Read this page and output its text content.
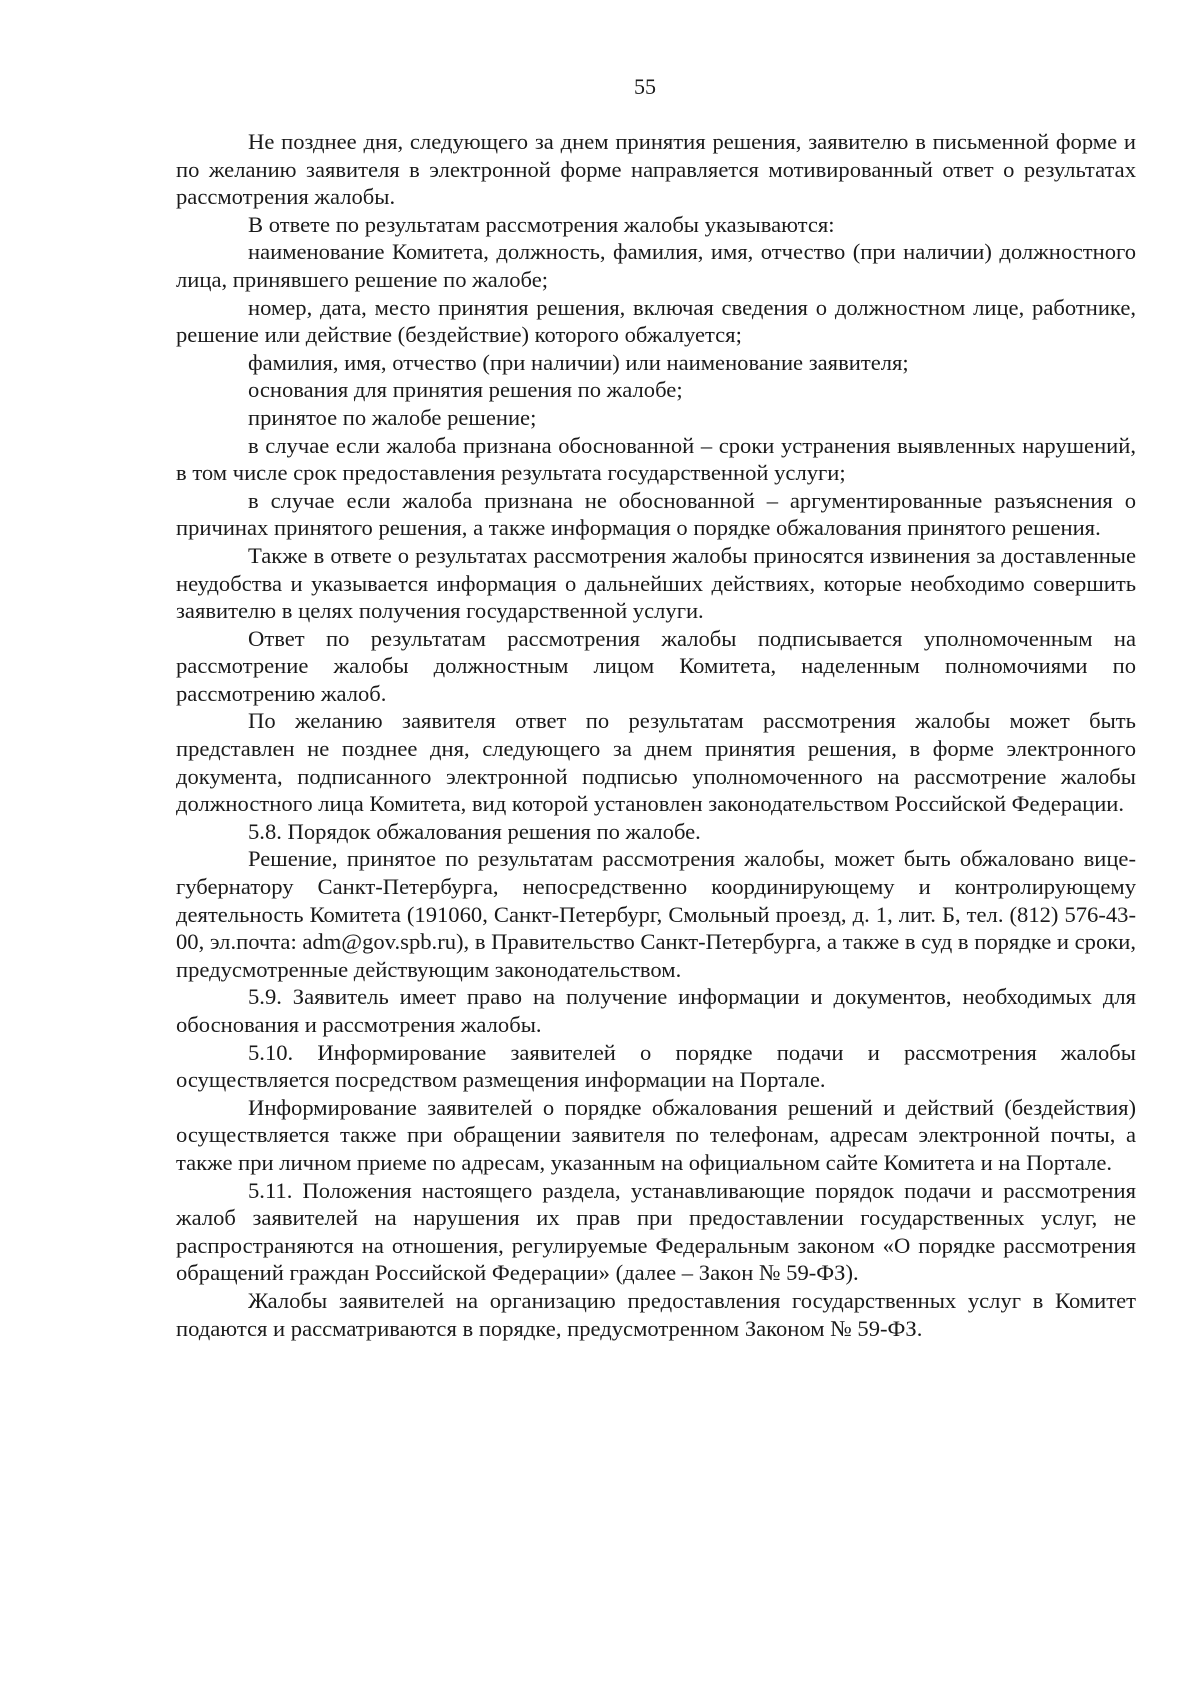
55

Не позднее дня, следующего за днем принятия решения, заявителю в письменной форме и по желанию заявителя в электронной форме направляется мотивированный ответ о результатах рассмотрения жалобы.

В ответе по результатам рассмотрения жалобы указываются:

наименование Комитета, должность, фамилия, имя, отчество (при наличии) должностного лица, принявшего решение по жалобе;

номер, дата, место принятия решения, включая сведения о должностном лице, работнике, решение или действие (бездействие) которого обжалуется;

фамилия, имя, отчество (при наличии) или наименование заявителя;

основания для принятия решения по жалобе;

принятое по жалобе решение;

в случае если жалоба признана обоснованной – сроки устранения выявленных нарушений, в том числе срок предоставления результата государственной услуги;

в случае если жалоба признана не обоснованной – аргументированные разъяснения о причинах принятого решения, а также информация о порядке обжалования принятого решения.

Также в ответе о результатах рассмотрения жалобы приносятся извинения за доставленные неудобства и указывается информация о дальнейших действиях, которые необходимо совершить заявителю в целях получения государственной услуги.

Ответ по результатам рассмотрения жалобы подписывается уполномоченным на рассмотрение жалобы должностным лицом Комитета, наделенным полномочиями по рассмотрению жалоб.

По желанию заявителя ответ по результатам рассмотрения жалобы может быть представлен не позднее дня, следующего за днем принятия решения, в форме электронного документа, подписанного электронной подписью уполномоченного на рассмотрение жалобы должностного лица Комитета, вид которой установлен законодательством Российской Федерации.

5.8. Порядок обжалования решения по жалобе.

Решение, принятое по результатам рассмотрения жалобы, может быть обжаловано вице-губернатору Санкт-Петербурга, непосредственно координирующему и контролирующему деятельность Комитета (191060, Санкт-Петербург, Смольный проезд, д. 1, лит. Б, тел. (812) 576-43-00, эл.почта: adm@gov.spb.ru), в Правительство Санкт-Петербурга, а также в суд в порядке и сроки, предусмотренные действующим законодательством.

5.9. Заявитель имеет право на получение информации и документов, необходимых для обоснования и рассмотрения жалобы.

5.10. Информирование заявителей о порядке подачи и рассмотрения жалобы осуществляется посредством размещения информации на Портале.

Информирование заявителей о порядке обжалования решений и действий (бездействия) осуществляется также при обращении заявителя по телефонам, адресам электронной почты, а также при личном приеме по адресам, указанным на официальном сайте Комитета и на Портале.

5.11. Положения настоящего раздела, устанавливающие порядок подачи и рассмотрения жалоб заявителей на нарушения их прав при предоставлении государственных услуг, не распространяются на отношения, регулируемые Федеральным законом «О порядке рассмотрения обращений граждан Российской Федерации» (далее – Закон № 59-ФЗ).

Жалобы заявителей на организацию предоставления государственных услуг в Комитет подаются и рассматриваются в порядке, предусмотренном Законом № 59-ФЗ.
